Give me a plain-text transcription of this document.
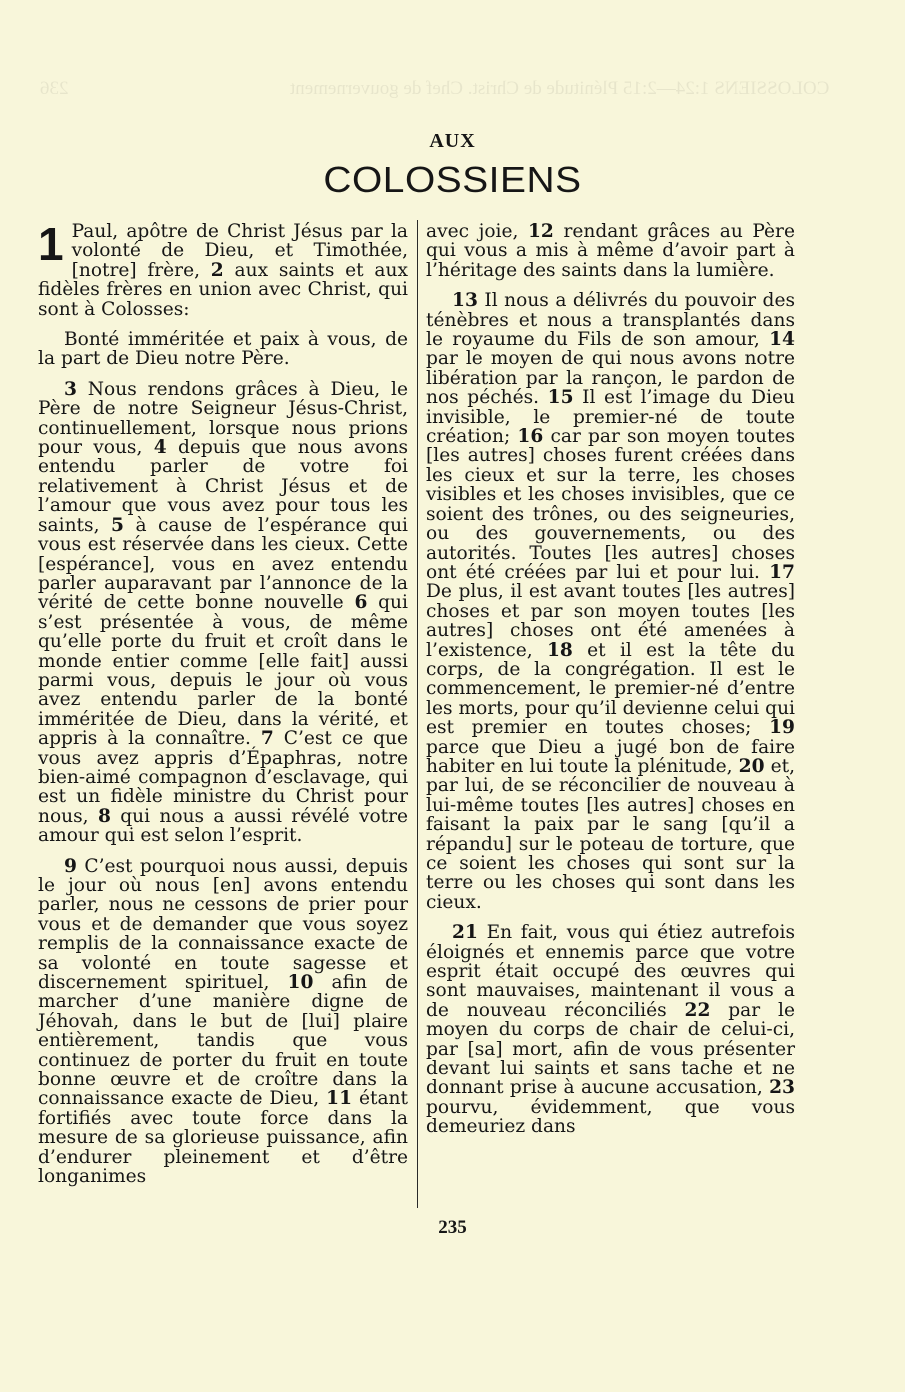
236	COLOSSIENS 1:24—2:15 Plénitude de Christ. Chef de gouvernement
AUX
COLOSSIENS

1 Paul, apôtre de Christ Jésus par la volonté de Dieu, et Timothée, [notre] frère, 2 aux saints et aux fidèles frères en union avec Christ, qui sont à Colosses:

Bonté imméritée et paix à vous, de la part de Dieu notre Père.

3 Nous rendons grâces à Dieu, le Père de notre Seigneur Jésus-Christ, continuellement, lorsque nous prions pour vous, 4 depuis que nous avons entendu parler de votre foi relativement à Christ Jésus et de l’amour que vous avez pour tous les saints, 5 à cause de l’espérance qui vous est réservée dans les cieux. Cette [espérance], vous en avez entendu parler auparavant par l’annonce de la vérité de cette bonne nouvelle 6 qui s’est présentée à vous, de même qu’elle porte du fruit et croît dans le monde entier comme [elle fait] aussi parmi vous, depuis le jour où vous avez entendu parler de la bonté imméritée de Dieu, dans la vérité, et appris à la connaître. 7 C’est ce que vous avez appris d’Épaphras, notre bien-aimé compagnon d’esclavage, qui est un fidèle ministre du Christ pour nous, 8 qui nous a aussi révélé votre amour qui est selon l’esprit.

9 C’est pourquoi nous aussi, depuis le jour où nous [en] avons entendu parler, nous ne cessons de prier pour vous et de demander que vous soyez remplis de la connaissance exacte de sa volonté en toute sagesse et discernement spirituel, 10 afin de marcher d’une manière digne de Jéhovah, dans le but de [lui] plaire entièrement, tandis que vous continuez de porter du fruit en toute bonne œuvre et de croître dans la connaissance exacte de Dieu, 11 étant fortifiés avec toute force dans la mesure de sa glorieuse puissance, afin d’endurer pleinement et d’être longanimes

avec joie, 12 rendant grâces au Père qui vous a mis à même d’avoir part à l’héritage des saints dans la lumière.

13 Il nous a délivrés du pouvoir des ténèbres et nous a transplantés dans le royaume du Fils de son amour, 14 par le moyen de qui nous avons notre libération par la rançon, le pardon de nos péchés. 15 Il est l’image du Dieu invisible, le premier-né de toute création; 16 car par son moyen toutes [les autres] choses furent créées dans les cieux et sur la terre, les choses visibles et les choses invisibles, que ce soient des trônes, ou des seigneuries, ou des gouvernements, ou des autorités. Toutes [les autres] choses ont été créées par lui et pour lui. 17 De plus, il est avant toutes [les autres] choses et par son moyen toutes [les autres] choses ont été amenées à l’existence, 18 et il est la tête du corps, de la congrégation. Il est le commencement, le premier-né d’entre les morts, pour qu’il devienne celui qui est premier en toutes choses; 19 parce que Dieu a jugé bon de faire habiter en lui toute la plénitude, 20 et, par lui, de se réconcilier de nouveau à lui-même toutes [les autres] choses en faisant la paix par le sang [qu’il a répandu] sur le poteau de torture, que ce soient les choses qui sont sur la terre ou les choses qui sont dans les cieux.

21 En fait, vous qui étiez autrefois éloignés et ennemis parce que votre esprit était occupé des œuvres qui sont mauvaises, maintenant il vous a de nouveau réconciliés 22 par le moyen du corps de chair de celui-ci, par [sa] mort, afin de vous présenter devant lui saints et sans tache et ne donnant prise à aucune accusation, 23 pourvu, évidemment, que vous demeuriez dans

235
